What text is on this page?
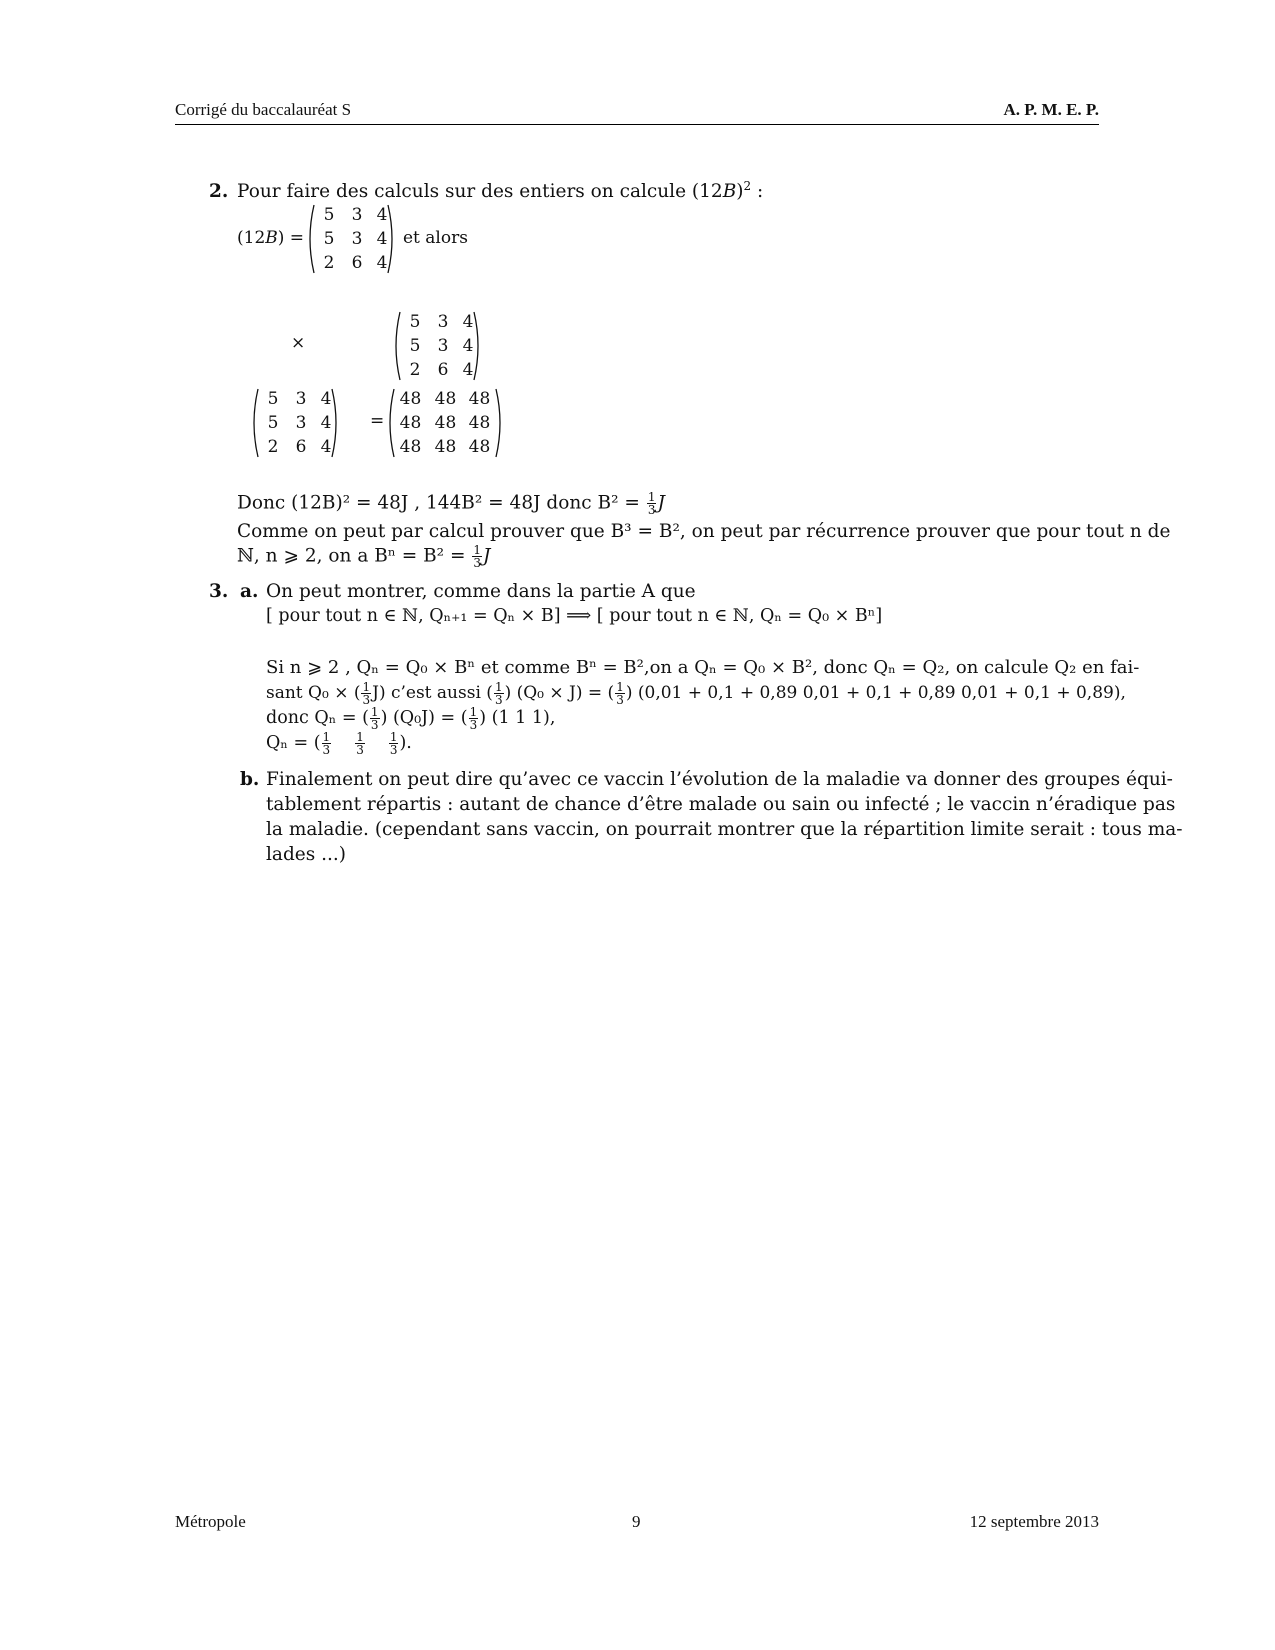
Corrigé du baccalauréat S	A. P. M. E. P.
2. Pour faire des calculs sur des entiers on calcule $(12B)^2$ :
(12B) =
5	3 4
5	3 4
2	6 4
et alors
×
5	3 4
5	3 4
2	6 4
5	3 4
5	3 4
2	6 4
=
48 48 48
48 48 48
48 48 48
Donc (12B)² = 48J , 144B² = 48J donc $B^2 = \frac{1}{3}$ J
Comme on peut par calcul prouver que B³ = B², on peut par récurrence prouver que pour tout n de
ℕ, n ⩾ 2, on a $B^n = B^2 = \frac{1}{3}$ J
3. a. On peut montrer, comme dans la partie A que
[ pour tout n ∈ ℕ, Qₙ₊₁ = Qₙ × B] ⟹ [ pour tout n ∈ ℕ, Qₙ = Q₀ × Bⁿ]
Si n ⩾ 2 , Qₙ = Q₀ × Bⁿ et comme Bⁿ = B²,on a Qₙ = Q₀ × B², donc Qₙ = Q₂, on calcule Q₂ en fai-
sant Q₀ × ( $\frac{1}{3} J$) c’est aussi ( $\frac{1}{3}$ ) (Q₀ × J) = ( $\frac{1}{3}$ ) (0,01 + 0,1 + 0,89 0,01 + 0,1 + 0,89 0,01 + 0,1 + 0,89),
donc Qₙ = ( $\frac{1}{3}$ ) (Q₀J) = ( $\frac{1}{3}$ ) (1 1 1),
Qₙ = ( $\frac{1}{3} \frac{1}{3} \frac{1}{3}$ ).
b. Finalement on peut dire qu’avec ce vaccin l’évolution de la maladie va donner des groupes équi-
tablement répartis : autant de chance d’être malade ou sain ou infecté ; le vaccin n’éradique pas
la maladie. (cependant sans vaccin, on pourrait montrer que la répartition limite serait : tous ma-
lades ...)
Métropole	9	12 septembre 2013
